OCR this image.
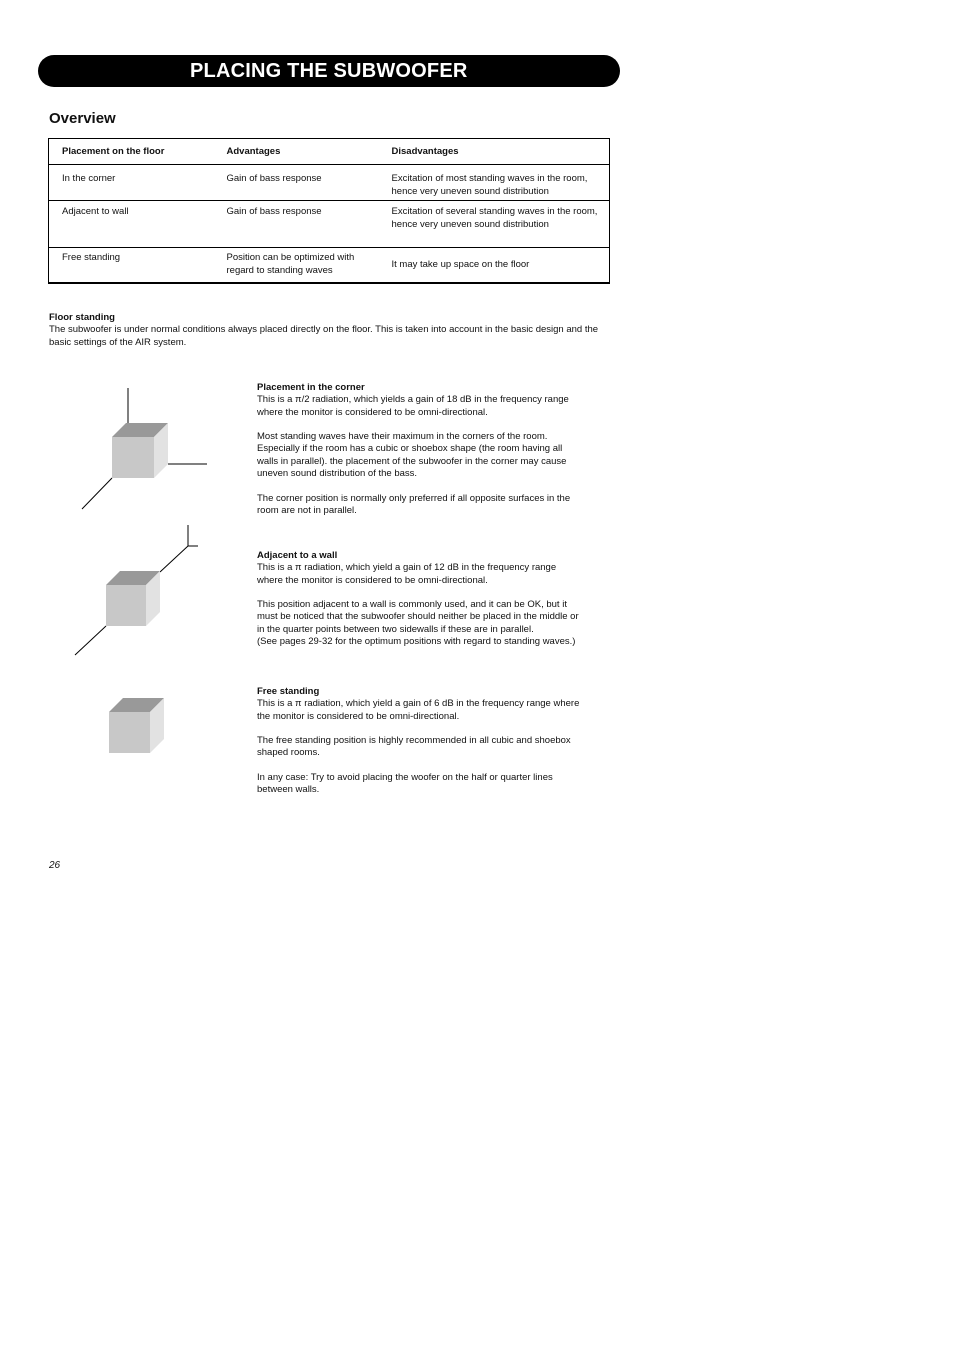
PLACING THE SUBWOOFER
Overview
Placement on the floor	Advantages	Disadvantages
In the corner	Gain of bass response	Excitation of most standing waves in the room, hence very uneven sound distribution
Adjacent to wall	Gain of bass response	Excitation of several standing waves in the room, hence very uneven sound distribution
Free standing	Position can be optimized with regard to standing waves	It may take up space on the floor
Floor standing

The subwoofer is under normal conditions always placed directly on the floor. This is taken into account in the basic design and the basic settings of the AIR system.

Placement in the corner

This is a π/2 radiation, which yields a gain of 18 dB in the frequency range
where the monitor is considered to be omni-directional.

Most standing waves have their maximum in the corners of the room.
Especially if the room has a cubic or shoebox shape (the room having all
walls in parallel). the placement of the subwoofer in the corner may cause
uneven sound distribution of the bass.

The corner position is normally only preferred if all opposite surfaces in the
room are not in parallel.

Adjacent to a wall

This is a π radiation, which yield a gain of 12 dB in the frequency range
where the monitor is considered to be omni-directional.

This position adjacent to a wall is commonly used, and it can be OK, but it
must be noticed that the subwoofer should neither be placed in the middle or
in the quarter points between two sidewalls if these are in parallel.
(See pages 29-32 for the optimum positions with regard to standing waves.)

Free standing

This is a π radiation, which yield a gain of 6 dB in the frequency range where
the monitor is considered to be omni-directional.

The free standing position is highly recommended in all cubic and shoebox
shaped rooms.

In any case: Try to avoid placing the woofer on the half or quarter lines
between walls.

26
